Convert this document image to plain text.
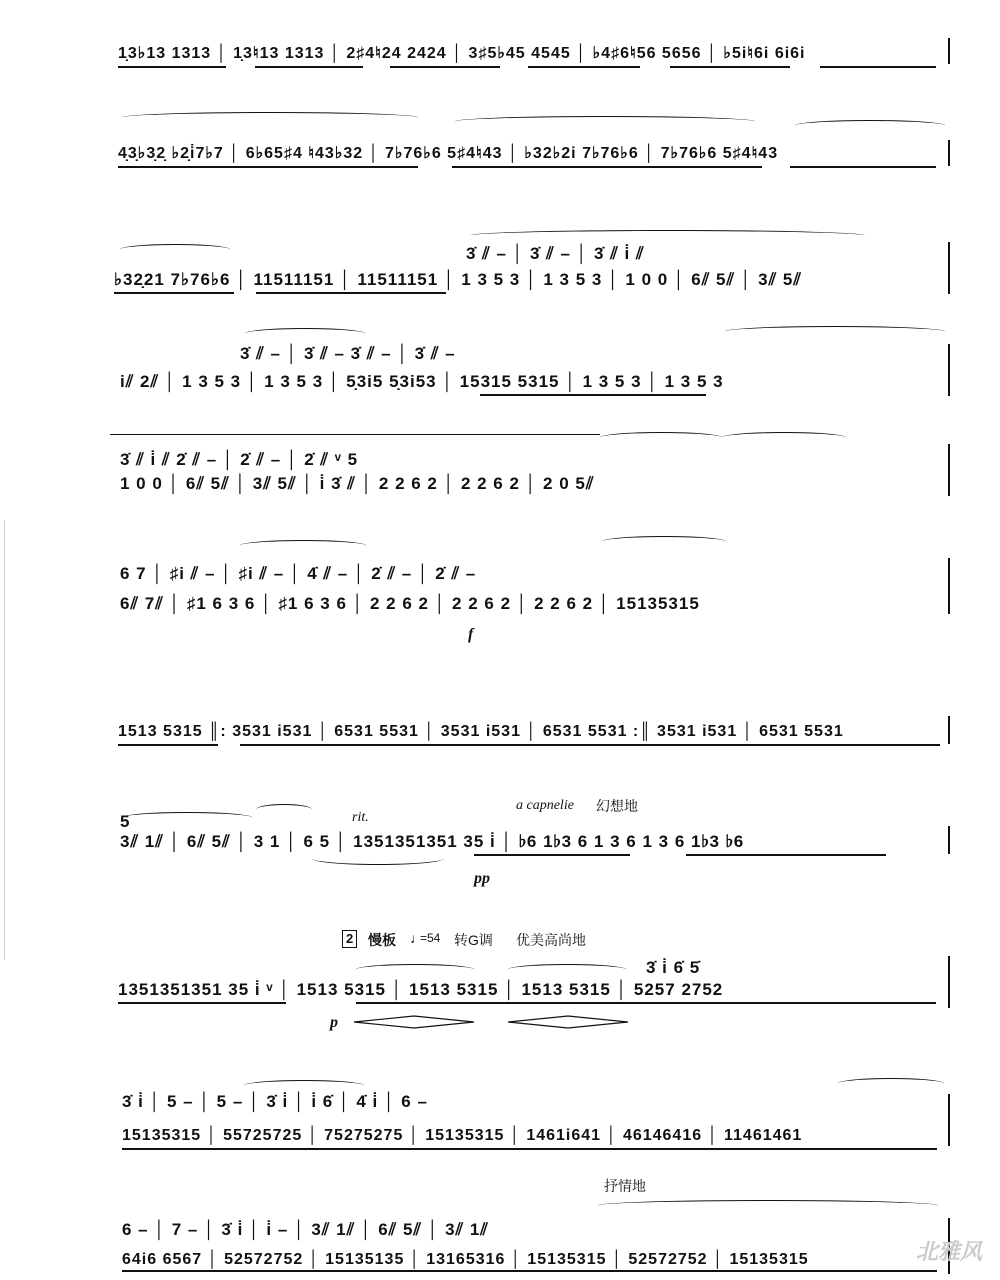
1̣3♭13 1313 │ 1̣3♮13 1313 │ 2♯4♮24 2424 │ 3♯5♭45 4545 │ ♭4♯6♮56 5656 │ ♭5i♮6i 6i6i
4̣3̣♭3̣2̣ ♭2̣i̇7♭7 │ 6♭65♯4 ♮43♭32 │ 7♭76♭6 5♯4♮43 │ ♭32♭2i 7♭76♭6 │ 7♭76♭6 5♯4♮43
3̇ ⫽ – │ 3̇ ⫽ – │ 3̇ ⫽ i̇ ⫽
♭32̣21 7♭76♭6 │ 11511151 │ 11511151 │ 1 3 5 3 │ 1 3 5 3 │ 1 0 0 │ 6⫽ 5⫽ │ 3⫽ 5⫽
3̇ ⫽ – │ 3̇ ⫽ – 3̇ ⫽ – │ 3̇ ⫽ –
i⫽ 2⫽ │ 1 3 5 3 │ 1 3 5 3 │ 5̣3i5 5̣3i53 │ 15315 5315 │ 1 3 5 3 │ 1 3 5 3
3̇ ⫽ i̇ ⫽ 2̇ ⫽ – │ 2̇ ⫽ – │ 2̇ ⫽ ᵛ 5
1 0 0 │ 6⫽ 5⫽ │ 3⫽ 5⫽ │ i̇ 3̇ ⫽ │ 2 2 6 2 │ 2 2 6 2 │ 2 0 5⫽
6 7 │ ♯i ⫽ – │ ♯i ⫽ – │ 4̇ ⫽ – │ 2̇ ⫽ – │ 2̇ ⫽ –
6⫽ 7⫽ │ ♯1 6 3 6 │ ♯1 6 3 6 │ 2 2 6 2 │ 2 2 6 2 │ 2 2 6 2 │ 15135315
f
1513 5315 ║: 3531 i531 │ 6531 5531 │ 3531 i531 │ 6531 5531 :║ 3531 i531 │ 6531 5531
rit.
a capnelie 幻想地
5
3⫽ 1⫽ │ 6⫽ 5⫽ │ 3 1 │ 6 5 │ 1351351351 35 i̇ │ ♭6 1♭3 6 1 3 6 1 3 6 1♭3 ♭6
pp
2 慢板 ♩
=54 转G调 优美高尚地
3̇ i̇ 6̇ 5̇
1351351351 35 i̇ ᵛ │ 1513 5315 │ 1513 5315 │ 1513 5315 │ 5257 2752
p
3̇ i̇ │ 5 – │ 5 – │ 3̇ i̇ │ i̇ 6̇ │ 4̇ i̇ │ 6 –
15135315 │ 55725725 │ 75275275 │ 15135315 │ 1461i641 │ 46146416 │ 11461461
抒情地
6 – │ 7 – │ 3̇ i̇ │ i̇ – │ 3⫽ 1⫽ │ 6⫽ 5⫽ │ 3⫽ 1⫽
64i6 6567 │ 52572752 │ 15135135 │ 13165316 │ 15135315 │ 52572752 │ 15135315	北雅风
